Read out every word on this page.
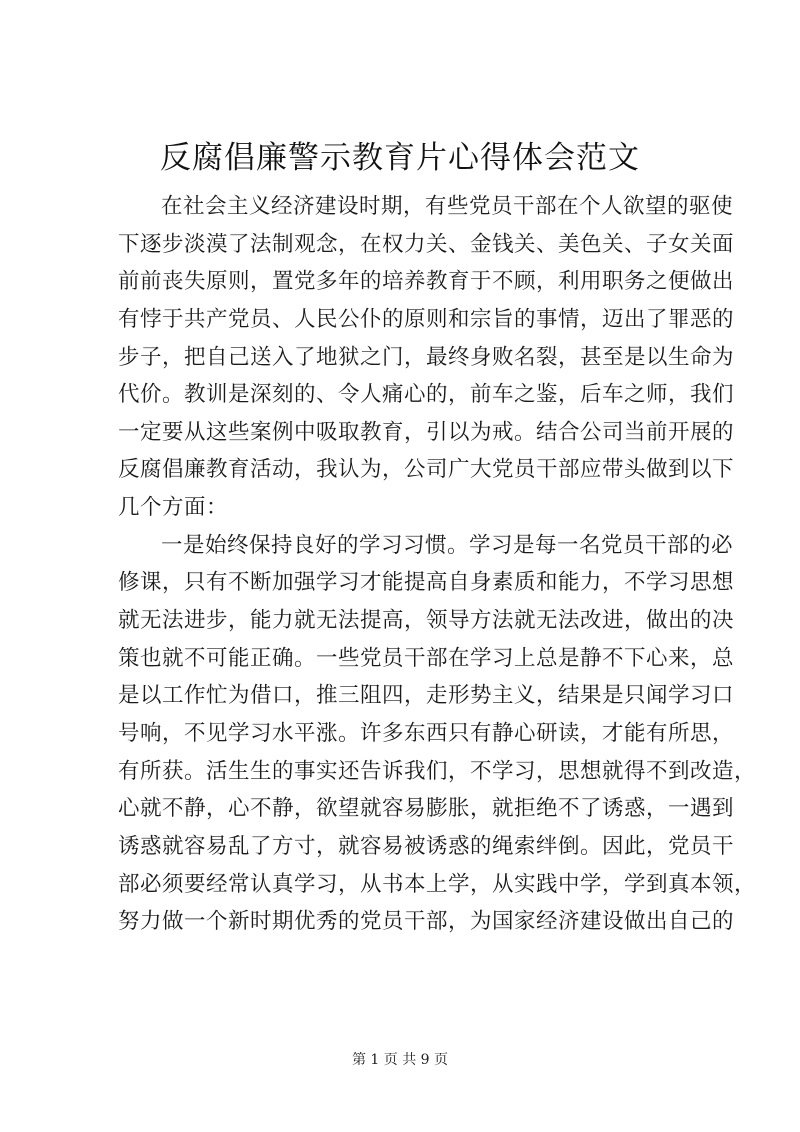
反腐倡廉警示教育片心得体会范文
在社会主义经济建设时期，有些党员干部在个人欲望的驱使
下逐步淡漠了法制观念，在权力关、金钱关、美色关、子女关面
前前丧失原则，置党多年的培养教育于不顾，利用职务之便做出
有悖于共产党员、人民公仆的原则和宗旨的事情，迈出了罪恶的
步子，把自己送入了地狱之门，最终身败名裂，甚至是以生命为
代价。教训是深刻的、令人痛心的，前车之鉴，后车之师，我们
一定要从这些案例中吸取教育，引以为戒。结合公司当前开展的
反腐倡廉教育活动，我认为，公司广大党员干部应带头做到以下
几个方面：
一是始终保持良好的学习习惯。学习是每一名党员干部的必
修课，只有不断加强学习才能提高自身素质和能力，不学习思想
就无法进步，能力就无法提高，领导方法就无法改进，做出的决
策也就不可能正确。一些党员干部在学习上总是静不下心来，总
是以工作忙为借口，推三阻四，走形势主义，结果是只闻学习口
号响，不见学习水平涨。许多东西只有静心研读，才能有所思，
有所获。活生生的事实还告诉我们，不学习，思想就得不到改造，
心就不静，心不静，欲望就容易膨胀，就拒绝不了诱惑，一遇到
诱惑就容易乱了方寸，就容易被诱惑的绳索绊倒。因此，党员干
部必须要经常认真学习，从书本上学，从实践中学，学到真本领，
努力做一个新时期优秀的党员干部，为国家经济建设做出自己的
第 1 页 共 9 页
